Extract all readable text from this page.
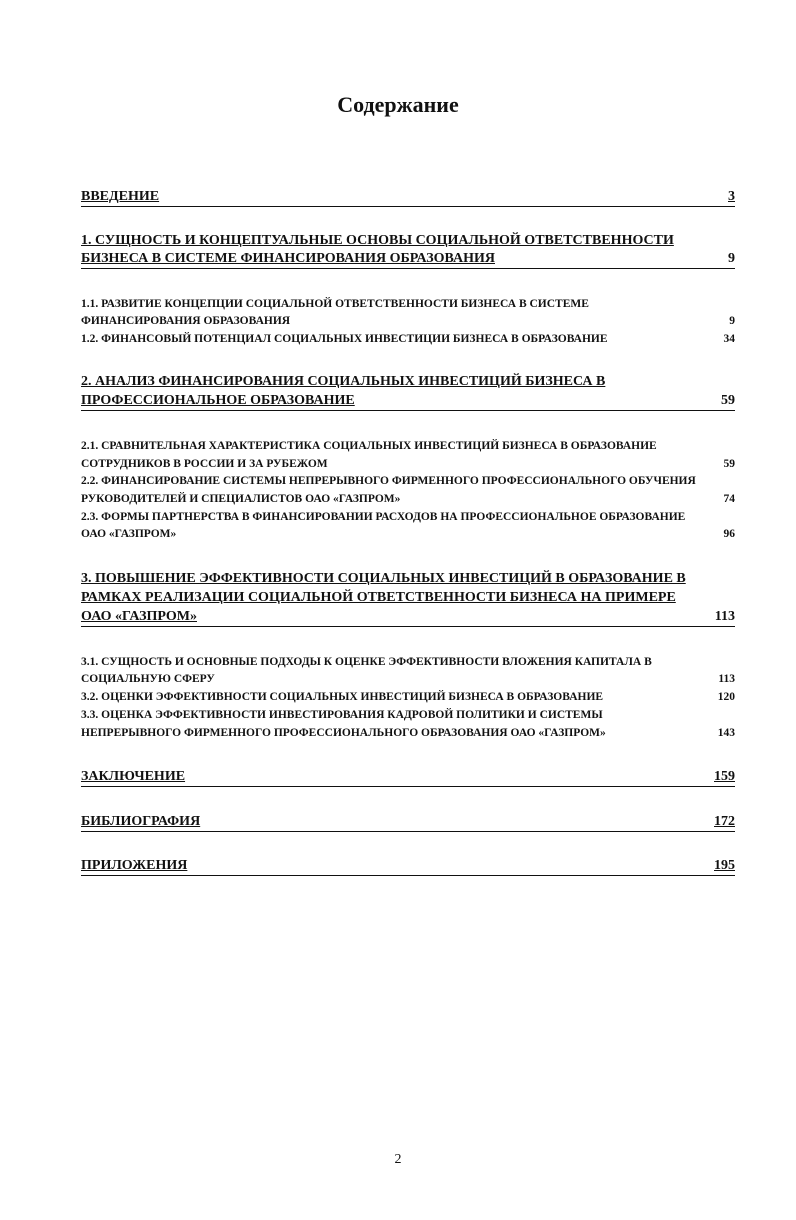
Содержание
ВВЕДЕНИЕ	3
1. СУЩНОСТЬ И КОНЦЕПТУАЛЬНЫЕ ОСНОВЫ СОЦИАЛЬНОЙ ОТВЕТСТВЕННОСТИ
БИЗНЕСА В СИСТЕМЕ ФИНАНСИРОВАНИЯ ОБРАЗОВАНИЯ	9
1.1. РАЗВИТИЕ КОНЦЕПЦИИ СОЦИАЛЬНОЙ ОТВЕТСТВЕННОСТИ БИЗНЕСА В СИСТЕМЕ
ФИНАНСИРОВАНИЯ ОБРАЗОВАНИЯ	9
1.2. ФИНАНСОВЫЙ ПОТЕНЦИАЛ СОЦИАЛЬНЫХ ИНВЕСТИЦИИ БИЗНЕСА В ОБРАЗОВАНИЕ	34
2. АНАЛИЗ ФИНАНСИРОВАНИЯ СОЦИАЛЬНЫХ ИНВЕСТИЦИЙ БИЗНЕСА В
ПРОФЕССИОНАЛЬНОЕ ОБРАЗОВАНИЕ	59
2.1. СРАВНИТЕЛЬНАЯ ХАРАКТЕРИСТИКА СОЦИАЛЬНЫХ ИНВЕСТИЦИЙ БИЗНЕСА В ОБРАЗОВАНИЕ
СОТРУДНИКОВ В РОССИИ И ЗА РУБЕЖОМ	59
2.2. ФИНАНСИРОВАНИЕ СИСТЕМЫ НЕПРЕРЫВНОГО ФИРМЕННОГО ПРОФЕССИОНАЛЬНОГО ОБУЧЕНИЯ
РУКОВОДИТЕЛЕЙ И СПЕЦИАЛИСТОВ ОАО «ГАЗПРОМ»	74
2.3. ФОРМЫ ПАРТНЕРСТВА В ФИНАНСИРОВАНИИ РАСХОДОВ НА ПРОФЕССИОНАЛЬНОЕ ОБРАЗОВАНИЕ
ОАО «ГАЗПРОМ»	96
3. ПОВЫШЕНИЕ ЭФФЕКТИВНОСТИ СОЦИАЛЬНЫХ ИНВЕСТИЦИЙ В ОБРАЗОВАНИЕ В
РАМКАХ РЕАЛИЗАЦИИ СОЦИАЛЬНОЙ ОТВЕТСТВЕННОСТИ БИЗНЕСА НА ПРИМЕРЕ
ОАО «ГАЗПРОМ»	113
3.1. СУЩНОСТЬ И ОСНОВНЫЕ ПОДХОДЫ К ОЦЕНКЕ ЭФФЕКТИВНОСТИ ВЛОЖЕНИЯ КАПИТАЛА В
СОЦИАЛЬНУЮ СФЕРУ	113
3.2. ОЦЕНКИ ЭФФЕКТИВНОСТИ СОЦИАЛЬНЫХ ИНВЕСТИЦИЙ БИЗНЕСА В ОБРАЗОВАНИЕ	120
3.3. ОЦЕНКА ЭФФЕКТИВНОСТИ ИНВЕСТИРОВАНИЯ КАДРОВОЙ ПОЛИТИКИ И СИСТЕМЫ
НЕПРЕРЫВНОГО ФИРМЕННОГО ПРОФЕССИОНАЛЬНОГО ОБРАЗОВАНИЯ ОАО «ГАЗПРОМ»	143
ЗАКЛЮЧЕНИЕ	159
БИБЛИОГРАФИЯ	172
ПРИЛОЖЕНИЯ	195
2
